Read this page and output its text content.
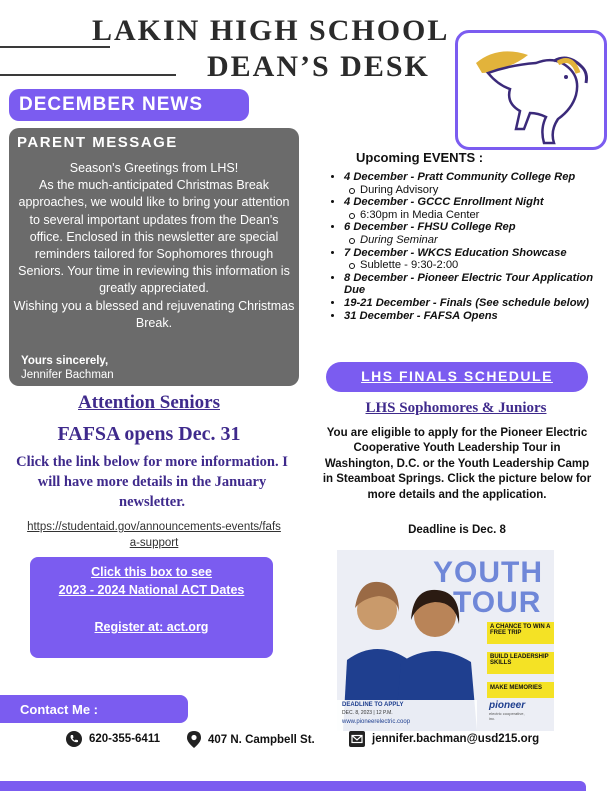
LAKIN HIGH SCHOOL
DEAN’S DESK
DECEMBER NEWS
PARENT MESSAGE
Season's Greetings from LHS!
As the much-anticipated Christmas Break approaches, we would like to bring your attention to several important updates from the Dean's office. Enclosed in this newsletter are special reminders tailored for Sophomores through Seniors. Your time in reviewing this information is greatly appreciated.
Wishing you a blessed and rejuvenating Christmas Break.
Yours sincerely,
Jennifer Bachman
Upcoming EVENTS :
• 4 December - Pratt Community College Rep
During Advisory
• 4 December - GCCC Enrollment Night
6:30pm in Media Center
• 6 December - FHSU College Rep
During Seminar
• 7 December - WKCS Education Showcase
Sublette - 9:30-2:00
• 8 December - Pioneer Electric Tour Application Due
• 19-21 December - Finals (See schedule below)
• 31 December - FAFSA Opens
LHS FINALS SCHEDULE
Attention Seniors
FAFSA opens Dec. 31
Click the link below for more information. I will have more details in the January newsletter.
https://studentaid.gov/announcements-events/fafsa-support
Click this box to see
2023 - 2024 National ACT Dates
Register at: act.org
LHS Sophomores & Juniors
You are eligible to apply for the Pioneer Electric Cooperative Youth Leadership Tour in Washington, D.C. or the Youth Leadership Camp in Steamboat Springs. Click the picture below for more details and the application.
Deadline is Dec. 8
YOUTH
TOUR
A CHANCE TO WIN A FREE TRIP
BUILD LEADERSHIP SKILLS
MAKE MEMORIES
DEADLINE TO APPLY
DEC. 8, 2023 | 12 P.M.
www.pioneerelectric.coop
pioneer
electric cooperative, inc.
Contact Me :
620-355-6411	407 N. Campbell St.	jennifer.bachman@usd215.org
